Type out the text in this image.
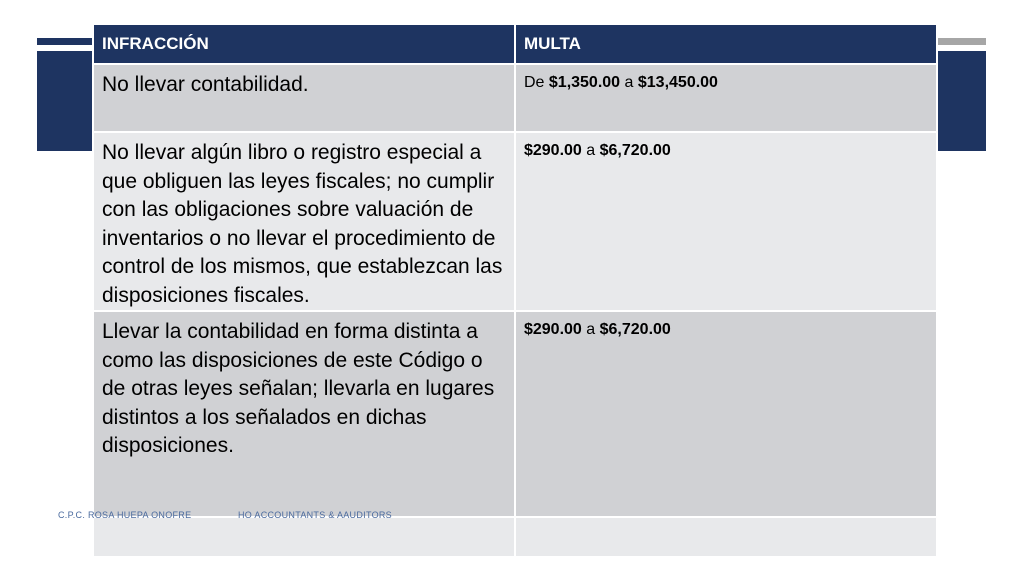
INFRACCIÓN	MULTA

No llevar contabilidad.	De $1,350.00 a $13,450.00

No llevar algún libro o registro especial a que obliguen las leyes fiscales; no cumplir con las obligaciones sobre valuación de inventarios o no llevar el procedimiento de control de los mismos, que establezcan las disposiciones fiscales.	$290.00 a $6,720.00

Llevar la contabilidad en forma distinta a como las disposiciones de este Código o de otras leyes señalan; llevarla en lugares distintos a los señalados en dichas disposiciones.	$290.00 a $6,720.00

C.P.C. ROSA HUEPA ONOFRE	HO ACCOUNTANTS & AAUDITORS
